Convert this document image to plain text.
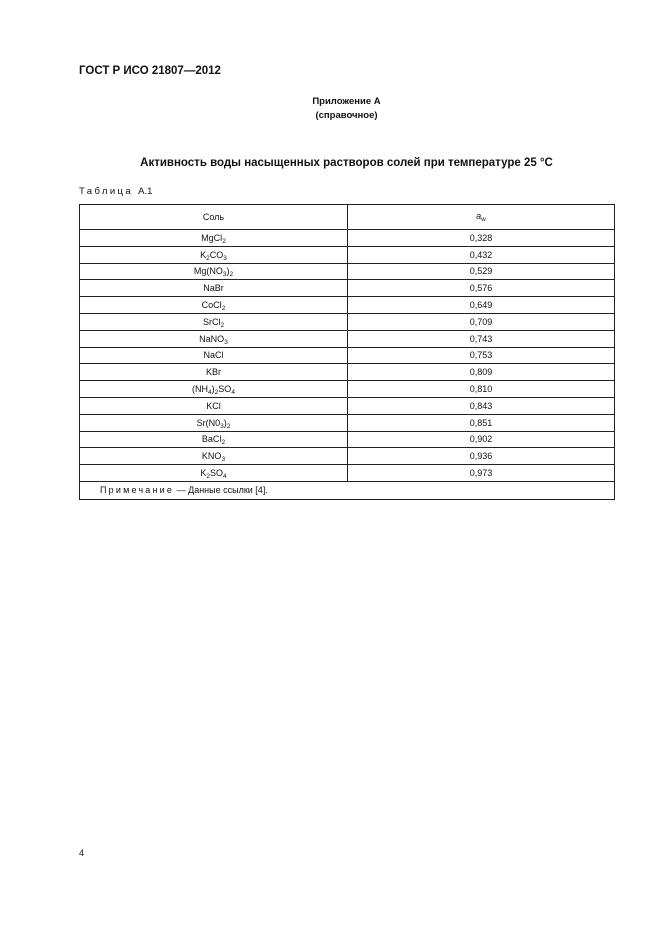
ГОСТ Р ИСО 21807—2012
Приложение А
(справочное)
Активность воды насыщенных растворов солей при температуре 25 °С
Таблица А.1
Соль	$a_w$
MgCl$_2$	0,328
$K_2CO_3$	0,432
$Mg(NO_3)_2$	0,529
NaBr	0,576
CoCl$_2$	0,649
SrCl$_2$	0,709
NaNO$_3$	0,743
NaCl	0,753
KBr	0,809
$(NH_4)_2SO_4$	0,810
KCl	0,843
$Sr(N0_3)_2$	0,851
BaCl$_2$	0,902
$KNO_3$	0,936
$K_2SO_4$	0,973
Примечание — Данные ссылки [4].	
4
